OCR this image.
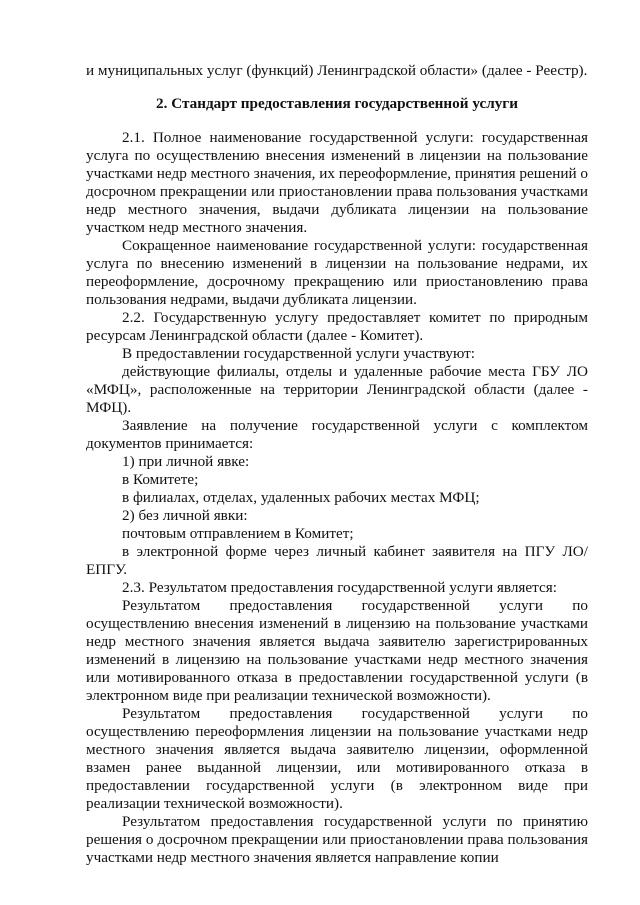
и муниципальных услуг (функций) Ленинградской области» (далее - Реестр).

2. Стандарт предоставления государственной услуги

2.1. Полное наименование государственной услуги: государственная услуга по осуществлению внесения изменений в лицензии на пользование участками недр местного значения, их переоформление, принятия решений о досрочном прекращении или приостановлении права пользования участками недр местного значения, выдачи дубликата лицензии на пользование участком недр местного значения.

Сокращенное наименование государственной услуги: государственная услуга по внесению изменений в лицензии на пользование недрами, их переоформление, досрочному прекращению или приостановлению права пользования недрами, выдачи дубликата лицензии.

2.2. Государственную услугу предоставляет комитет по природным ресурсам Ленинградской области (далее - Комитет).

В предоставлении государственной услуги участвуют:

действующие филиалы, отделы и удаленные рабочие места ГБУ ЛО «МФЦ», расположенные на территории Ленинградской области (далее - МФЦ).

Заявление на получение государственной услуги с комплектом документов принимается:

1) при личной явке:

в Комитете;

в филиалах, отделах, удаленных рабочих местах МФЦ;

2) без личной явки:

почтовым отправлением в Комитет;

в электронной форме через личный кабинет заявителя на ПГУ ЛО/ЕПГУ.

2.3. Результатом предоставления государственной услуги является:

Результатом предоставления государственной услуги по осуществлению внесения изменений в лицензию на пользование участками недр местного значения является выдача заявителю зарегистрированных изменений в лицензию на пользование участками недр местного значения или мотивированного отказа в предоставлении государственной услуги (в электронном виде при реализации технической возможности).

Результатом предоставления государственной услуги по осуществлению переоформления лицензии на пользование участками недр местного значения является выдача заявителю лицензии, оформленной взамен ранее выданной лицензии, или мотивированного отказа в предоставлении государственной услуги (в электронном виде при реализации технической возможности).

Результатом предоставления государственной услуги по принятию решения о досрочном прекращении или приостановлении права пользования участками недр местного значения является направление копии
